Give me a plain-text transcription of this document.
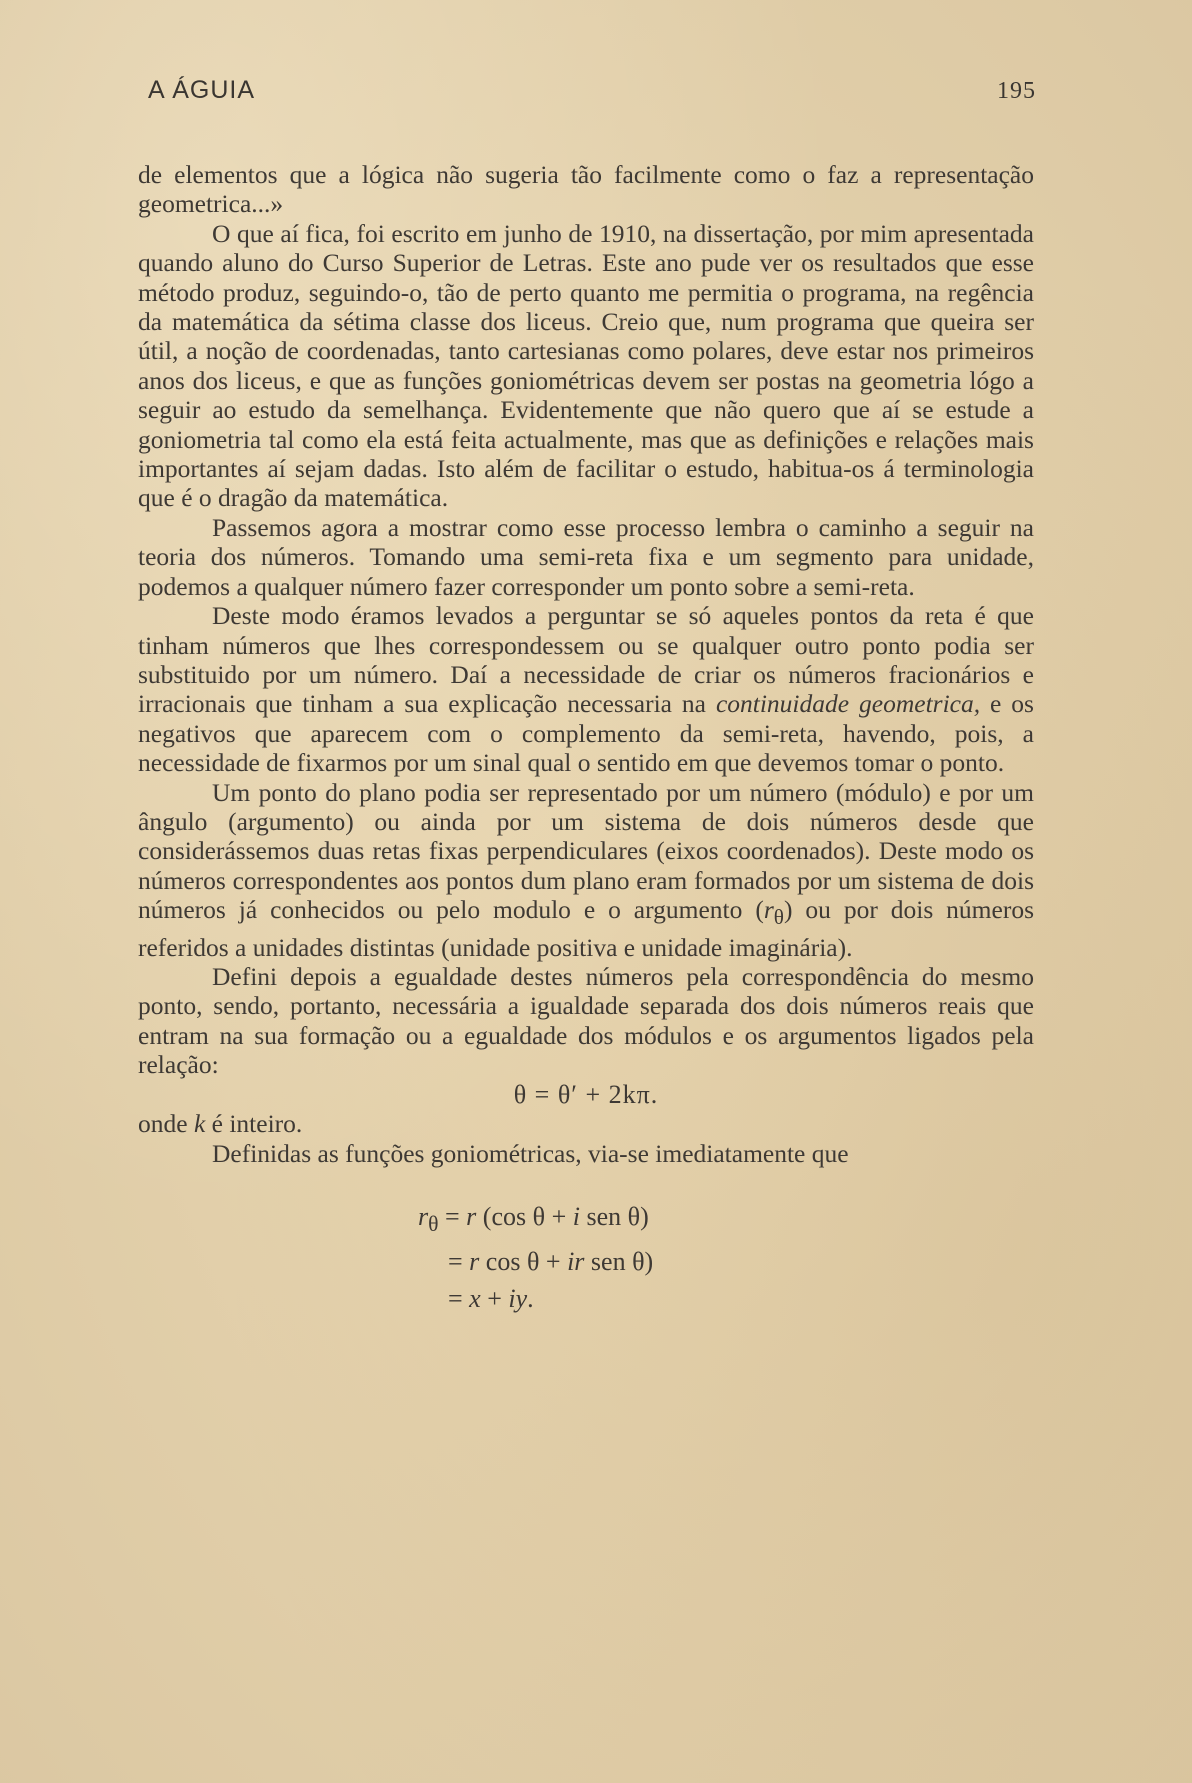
A ÁGUIA	195

de elementos que a lógica não sugeria tão facilmente como o faz a representação geometrica...»

O que aí fica, foi escrito em junho de 1910, na dissertação, por mim apresentada quando aluno do Curso Superior de Letras. Este ano pude ver os resultados que esse método produz, seguindo-o, tão de perto quanto me permitia o programa, na regência da matemática da sétima classe dos liceus. Creio que, num programa que queira ser útil, a noção de coordenadas, tanto cartesianas como polares, deve estar nos primeiros anos dos liceus, e que as funções goniométricas devem ser postas na geometria lógo a seguir ao estudo da semelhança. Evidentemente que não quero que aí se estude a goniometria tal como ela está feita actualmente, mas que as definições e relações mais importantes aí sejam dadas. Isto além de facilitar o estudo, habitua-os á terminologia que é o dragão da matemática.

Passemos agora a mostrar como esse processo lembra o caminho a seguir na teoria dos números. Tomando uma semi-reta fixa e um segmento para unidade, podemos a qualquer número fazer corresponder um ponto sobre a semi-reta.

Deste modo éramos levados a perguntar se só aqueles pontos da reta é que tinham números que lhes correspondessem ou se qualquer outro ponto podia ser substituido por um número. Daí a necessidade de criar os números fracionários e irracionais que tinham a sua explicação necessaria na continuidade geometrica, e os negativos que aparecem com o complemento da semi-reta, havendo, pois, a necessidade de fixarmos por um sinal qual o sentido em que devemos tomar o ponto.

Um ponto do plano podia ser representado por um número (módulo) e por um ângulo (argumento) ou ainda por um sistema de dois números desde que considerássemos duas retas fixas perpendiculares (eixos coordenados). Deste modo os números correspondentes aos pontos dum plano eram formados por um sistema de dois números já conhecidos ou pelo modulo e o argumento $(r_\theta)$ ou por dois números referidos a unidades distintas (unidade positiva e unidade imaginária).

Defini depois a egualdade destes números pela correspondência do mesmo ponto, sendo, portanto, necessária a igualdade separada dos dois números reais que entram na sua formação ou a egualdade dos módulos e os argumentos ligados pela relação:

θ = θ′ + 2kπ.

onde k é inteiro.

Definidas as funções goniométricas, via-se imediatamente que

$r_\theta = r$ (cos θ + i sen θ)
= r cos θ + ir sen θ)
= x + iy.
